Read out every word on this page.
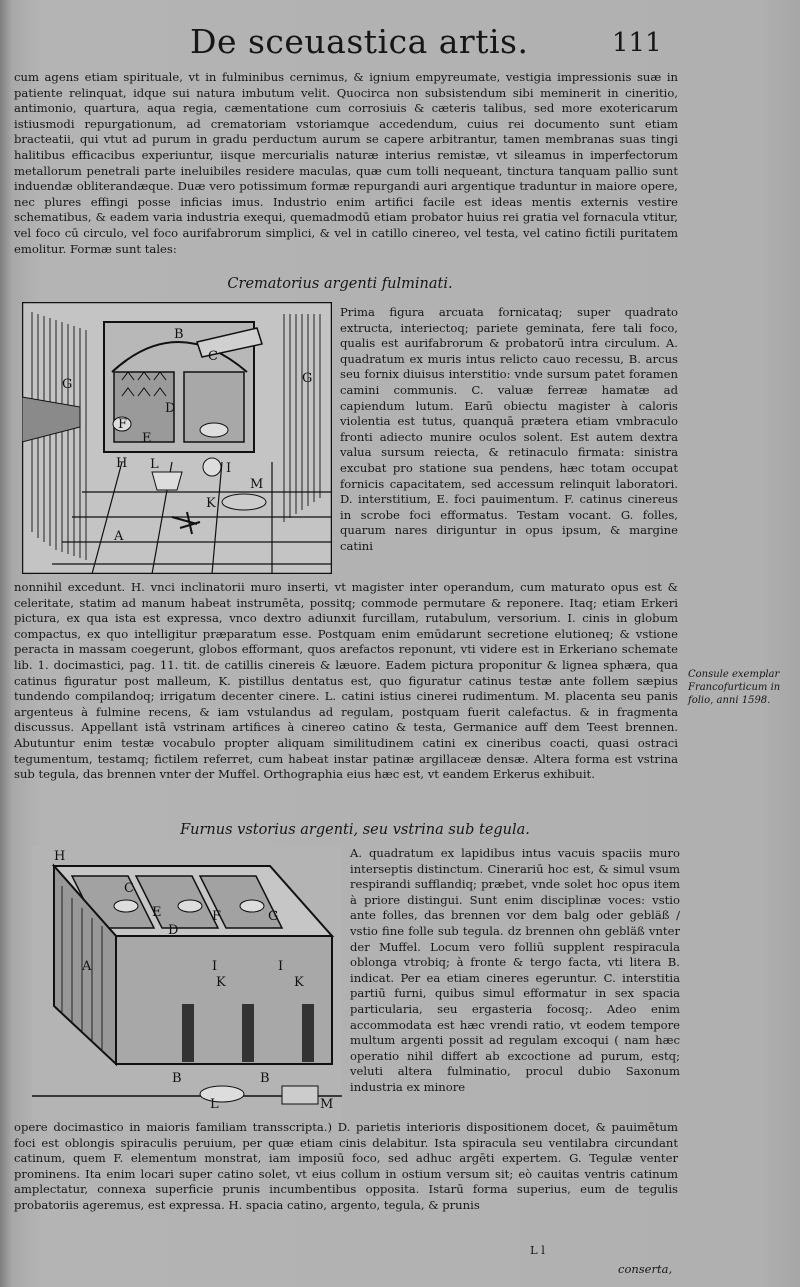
De sceuastica artis.	111

cum agens etiam spirituale, vt in fulminibus cernimus, & ignium empyreumate, vestigia impressionis suæ in patiente relinquat, idque sui natura imbutum velit. Quocirca non subsistendum sibi meminerit in cineritio, antimonio, quartura, aqua regia, cæmentatione cum corrosiuis & cæteris talibus, sed more exotericarum istiusmodi repurgationum, ad crematoriam vstoriamque accedendum, cuius rei documento sunt etiam bracteatii, qui vtut ad purum in gradu perductum aurum se capere arbitrantur, tamen membranas suas tingi halitibus efficacibus experiuntur, iisque mercurialis naturæ interius remistæ, vt sileamus in imperfectorum metallorum penetrali parte ineluibiles residere maculas, quæ cum tolli nequeant, tinctura tanquam pallio sunt induendæ obliterandæque. Duæ vero potissimum formæ repurgandi auri argentique traduntur in maiore opere, nec plures effingi posse inficias imus. Industrio enim artifici facile est ideas mentis externis vestire schematibus, & eadem varia industria exequi, quemadmodū etiam probator huius rei gratia vel fornacula vtitur, vel foco cū circulo, vel foco aurifabrorum simplici, & vel in catillo cinereo, vel testa, vel catino fictili puritatem emolitur. Formæ sunt tales:

Crematorius argenti fulminati.
A
B
C
D
E
F
G	G
H	I
K
L
M

Prima figura arcuata fornicataq; super quadrato extructa, interiectoq; pariete geminata, fere tali foco, qualis est aurifabrorum & probatorū intra circulum. A. quadratum ex muris intus relicto cauo recessu, B. arcus seu fornix diuisus interstitio: vnde sursum patet foramen camini communis. C. valuæ ferreæ hamatæ ad capiendum lutum. Earū obiectu magister à caloris violentia est tutus, quanquā prætera etiam vmbraculo fronti adiecto munire oculos solent. Est autem dextra valua sursum reiecta, & retinaculo firmata: sinistra excubat pro statione sua pendens, hæc totam occupat fornicis capacitatem, sed accessum relinquit laboratori. D. interstitium, E. foci pauimentum. F. catinus cinereus in scrobe foci efformatus. Testam vocant. G. folles, quarum nares diriguntur in opus ipsum, & margine catini

nonnihil excedunt. H. vnci inclinatorii muro inserti, vt magister inter operandum, cum maturato opus est & celeritate, statim ad manum habeat instrumēta, possitq; commode permutare & reponere. Itaq; etiam Erkeri pictura, ex qua ista est expressa, vnco dextro adiunxit furcillam, rutabulum, versorium. I. cinis in globum compactus, ex quo intelligitur præparatum esse. Postquam enim emūdarunt secretione elutioneq; & vstione peracta in massam coegerunt, globos efformant, quos arefactos reponunt, vti videre est in Erkeriano schemate lib. 1. docimastici, pag. 11. tit. de catillis cinereis & læuore. Eadem pictura proponitur & lignea sphæra, qua catinus figuratur post malleum, K. pistillus dentatus est, quo figuratur catinus testæ ante follem sæpius tundendo compilandoq; irrigatum decenter cinere. L. catini istius cinerei rudimentum. M. placenta seu panis argenteus à fulmine recens, & iam vstulandus ad regulam, postquam fuerit calefactus. & in fragmenta discussus. Appellant istā vstrinam artifices à cinereo catino & testa, Germanice auff dem Teest brennen. Abutuntur enim testæ vocabulo propter aliquam similitudinem catini ex cineribus coacti, quasi ostraci tegumentum, testamq; fictilem referret, cum habeat instar patinæ argillaceæ densæ. Altera forma est vstrina sub tegula, das brennen vnter der Muffel. Orthographia eius hæc est, vt eandem Erkerus exhibuit.

Consule exemplar Francofurticum in folio, anni 1598.
Furnus vstorius argenti, seu vstrina sub tegula.
H
A
B	B
C
D
E	F	G
I	I
K	K
L	M

A. quadratum ex lapidibus intus vacuis spaciis muro interseptis distinctum. Cinerariū hoc est, & simul vsum respirandi sufflandiq; præbet, vnde solet hoc opus item à priore distingui. Sunt enim disciplinæ voces: vstio ante folles, das brennen vor dem balg oder gebläß / vstio fine folle sub tegula. dz brennen ohn gebläß vnter der Muffel. Locum vero folliū supplent respiracula oblonga vtrobiq; à fronte & tergo facta, vti litera B. indicat. Per ea etiam cineres egeruntur. C. interstitia partiū furni, quibus simul efformatur in sex spacia particularia, seu ergasteria focosq;. Adeo enim accommodata est hæc vrendi ratio, vt eodem tempore multum argenti possit ad regulam excoqui ( nam hæc operatio nihil differt ab excoctione ad purum, estq; veluti altera fulminatio, procul dubio Saxonum industria ex minore

opere docimastico in maioris familiam transscripta.) D. parietis interioris dispositionem docet, & pauimētum foci est oblongis spiraculis peruium, per quæ etiam cinis delabitur. Ista spiracula seu ventilabra circundant catinum, quem F. elementum monstrat, iam imposiū foco, sed adhuc argēti expertem. G. Tegulæ venter prominens. Ita enim locari super catino solet, vt eius collum in ostium versum sit; eò cauitas ventris catinum amplectatur, connexa superficie prunis incumbentibus opposita. Istarū forma superius, eum de tegulis probatoriis ageremus, est expressa. H. spacia catino, argento, tegula, & prunis

L l
conserta,
